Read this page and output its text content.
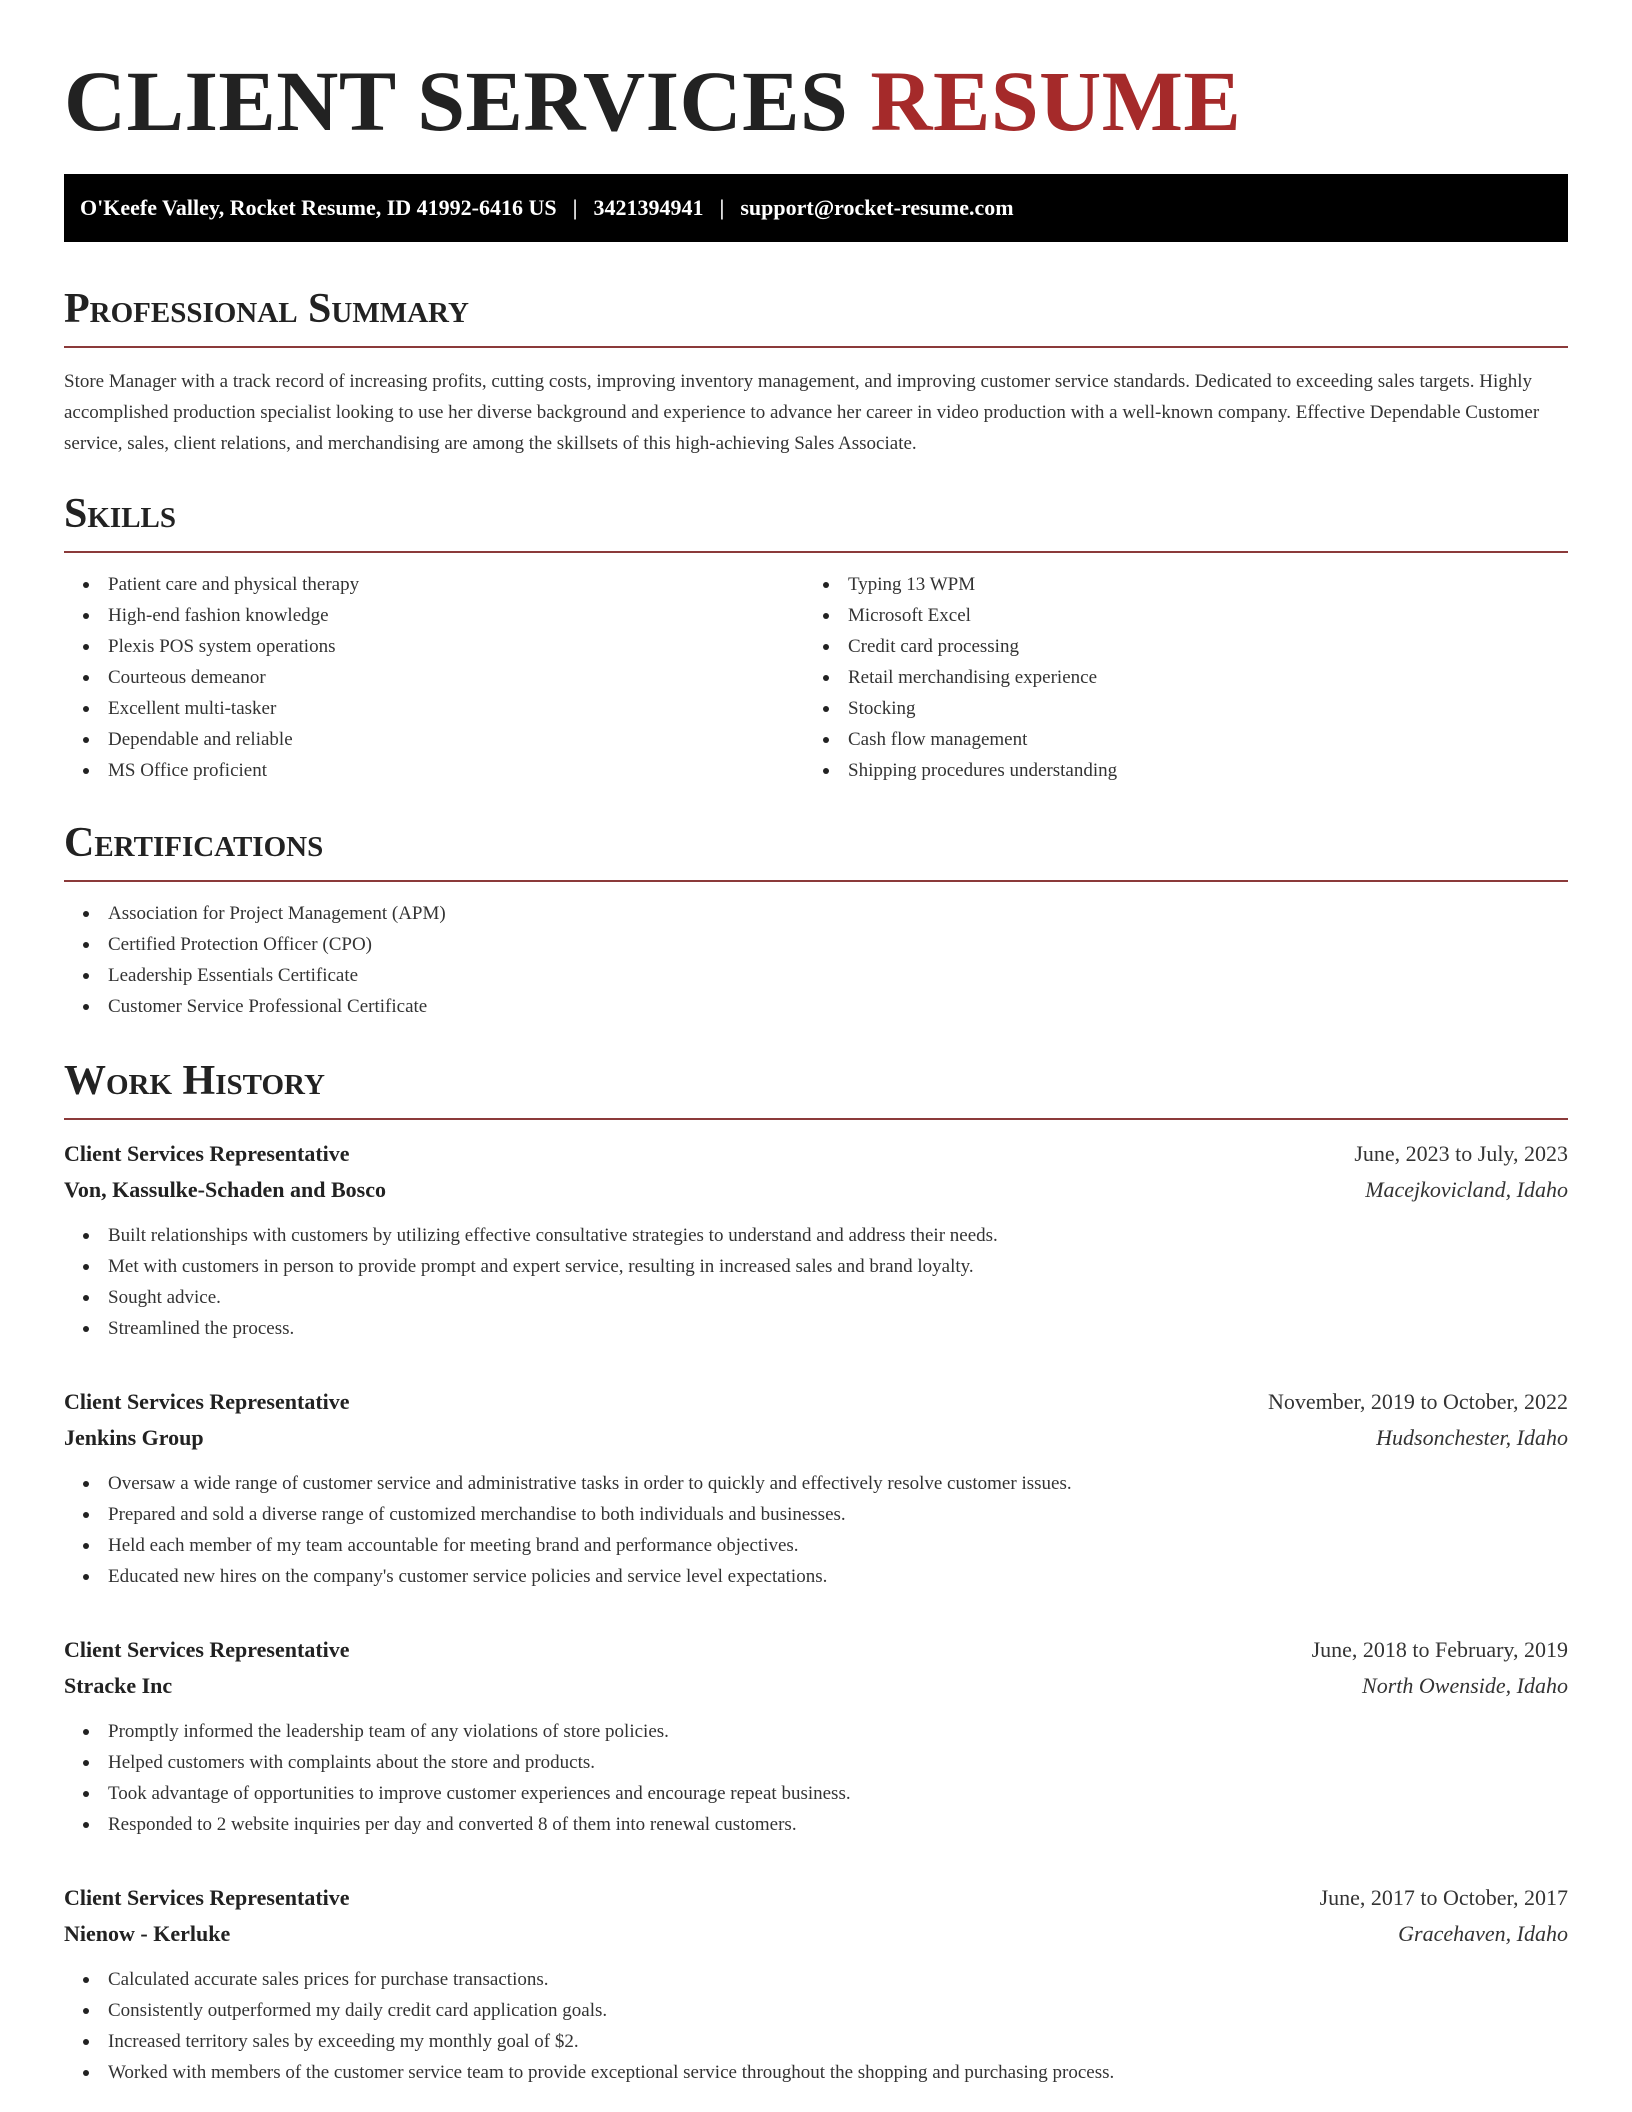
CLIENT SERVICES RESUME
O'Keefe Valley, Rocket Resume, ID 41992-6416 US | 3421394941 | support@rocket-resume.com
Professional Summary

Store Manager with a track record of increasing profits, cutting costs, improving inventory management, and improving customer service standards. Dedicated to exceeding sales targets. Highly accomplished production specialist looking to use her diverse background and experience to advance her career in video production with a well-known company. Effective Dependable Customer service, sales, client relations, and merchandising are among the skillsets of this high-achieving Sales Associate.

Skills
Patient care and physical therapy
High-end fashion knowledge
Plexis POS system operations
Courteous demeanor
Excellent multi-tasker
Dependable and reliable
MS Office proficient
Typing 13 WPM
Microsoft Excel
Credit card processing
Retail merchandising experience
Stocking
Cash flow management
Shipping procedures understanding
Certifications
Association for Project Management (APM)
Certified Protection Officer (CPO)
Leadership Essentials Certificate
Customer Service Professional Certificate
Work History
Client Services Representative	June, 2023 to July, 2023
Von, Kassulke-Schaden and Bosco	Macejkovicland, Idaho
Built relationships with customers by utilizing effective consultative strategies to understand and address their needs.
Met with customers in person to provide prompt and expert service, resulting in increased sales and brand loyalty.
Sought advice.
Streamlined the process.
Client Services Representative	November, 2019 to October, 2022
Jenkins Group	Hudsonchester, Idaho
Oversaw a wide range of customer service and administrative tasks in order to quickly and effectively resolve customer issues.
Prepared and sold a diverse range of customized merchandise to both individuals and businesses.
Held each member of my team accountable for meeting brand and performance objectives.
Educated new hires on the company's customer service policies and service level expectations.
Client Services Representative	June, 2018 to February, 2019
Stracke Inc	North Owenside, Idaho
Promptly informed the leadership team of any violations of store policies.
Helped customers with complaints about the store and products.
Took advantage of opportunities to improve customer experiences and encourage repeat business.
Responded to 2 website inquiries per day and converted 8 of them into renewal customers.
Client Services Representative	June, 2017 to October, 2017
Nienow - Kerluke	Gracehaven, Idaho
Calculated accurate sales prices for purchase transactions.
Consistently outperformed my daily credit card application goals.
Increased territory sales by exceeding my monthly goal of $2.
Worked with members of the customer service team to provide exceptional service throughout the shopping and purchasing process.
